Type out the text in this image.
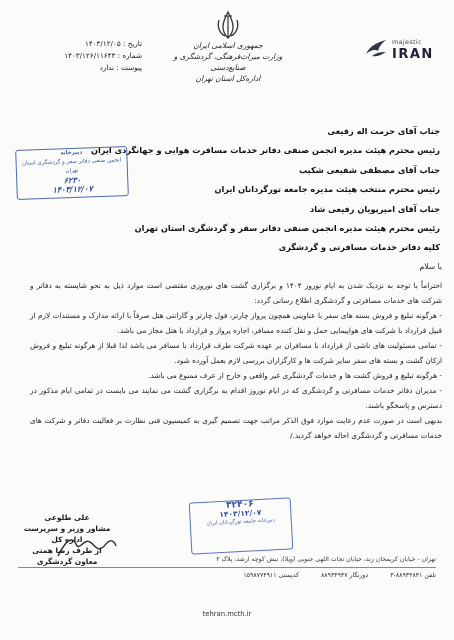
تاریخ : ۱۴۰۳/۱۲/۰۵
شماره : ۱۴۰۳/۱۲۶/۱۱۶۴۳
پیوست : ندارد
جمهوری اسلامی ایران
وزارت میراث‌فرهنگی، گردشگری و صنایع‌دستی
اداره‌کل استان تهران
majestic
IRAN
جناب آقای حرمت اله رفیعی
رئیس محترم هیئت مدیره انجمن صنفی دفاتر خدمات مسافرت هوایی و جهانگردی ایران
جناب آقای مصطفی شفیعی شکیب
رئیس محترم منتخب هیئت مدیره جامعه تورگردانان ایران
جناب آقای امیرپویان رفیعی شاد
رئیس محترم هیئت مدیره انجمن صنفی دفاتر سفر و گردشگری استان تهران
کلیه دفاتر خدمات مسافرتی و گردشگری
دبیرخانه
انجمن صنفی دفاتر سفر و گردشگری استان تهران
۶۲۳۰
۱۴۰۳/۱۲/۰۷
با سلام

احتراماً با توجه به نزدیک شدن به ایام نوروز ۱۴۰۴ و برگزاری گشت های نوروزی مقتضی است موارد ذیل به نحو شایسته به دفاتر و شرکت های خدمات مسافرتی و گردشگری اطلاع رسانی گردد:

- هرگونه تبلیغ و فروش بسته های سفر با عناوینی همچون پرواز چارتر، فول چارتر و گارانتی هتل صرفاً با ارائه مدارک و مستندات لازم از قبیل قرارداد با شرکت های هواپیمایی حمل و نقل کننده مسافر، اجاره پرواز و قرارداد با هتل مجاز می باشد.

- تمامی مسئولیت های ناشی از قرارداد با مسافران بر عهده شرکت طرف قرارداد با مسافر می باشد لذا قبلا از هرگونه تبلیغ و فروش ارکان گشت و بسته های سفر سایر شرکت ها و کارگزاران بررسی لازم بعمل آورده شود.

- هرگونه تبلیغ و فروش گشت ها و خدمات گردشگری غیر واقعی و خارج از عرف ممنوع می باشد.

- مدیران دفاتر خدمات مسافرتی و گردشگری که در ایام نوروز اقدام به برگزاری گشت می نمایند می بایست در تمامی ایام مذکور در دسترس و پاسخگو باشند.

بدیهی است در صورت عدم رعایت موارد فوق الذکر مراتب جهت تصمیم گیری به کمیسیون فنی نظارت بر فعالیت دفاتر و شرکت های خدمات مسافرتی و گردشگری احاله خواهد گردید./

۳۲۴۰۶
۱۴۰۳/۱۲/۰۷
دبیرخانه جامعه تورگردانان ایران
علی طلوعی
مشاور وزیر و سرپرست اداره کل
از طرف رضا همتی
معاون گردشگری	تهران - خیابان کریمخان زند، خیابان نجات اللهی جنوبی (ویلا)، نبش کوچه ارشد، پلاک ۲
تلفن ۸۸۹۳۴۸۴۱-۳ دورنگار ۸۸۹۳۴۹۳۷ کدپستی ۱۵۹۸۷۷۴۹۱۱
tehran.mcth.ir
